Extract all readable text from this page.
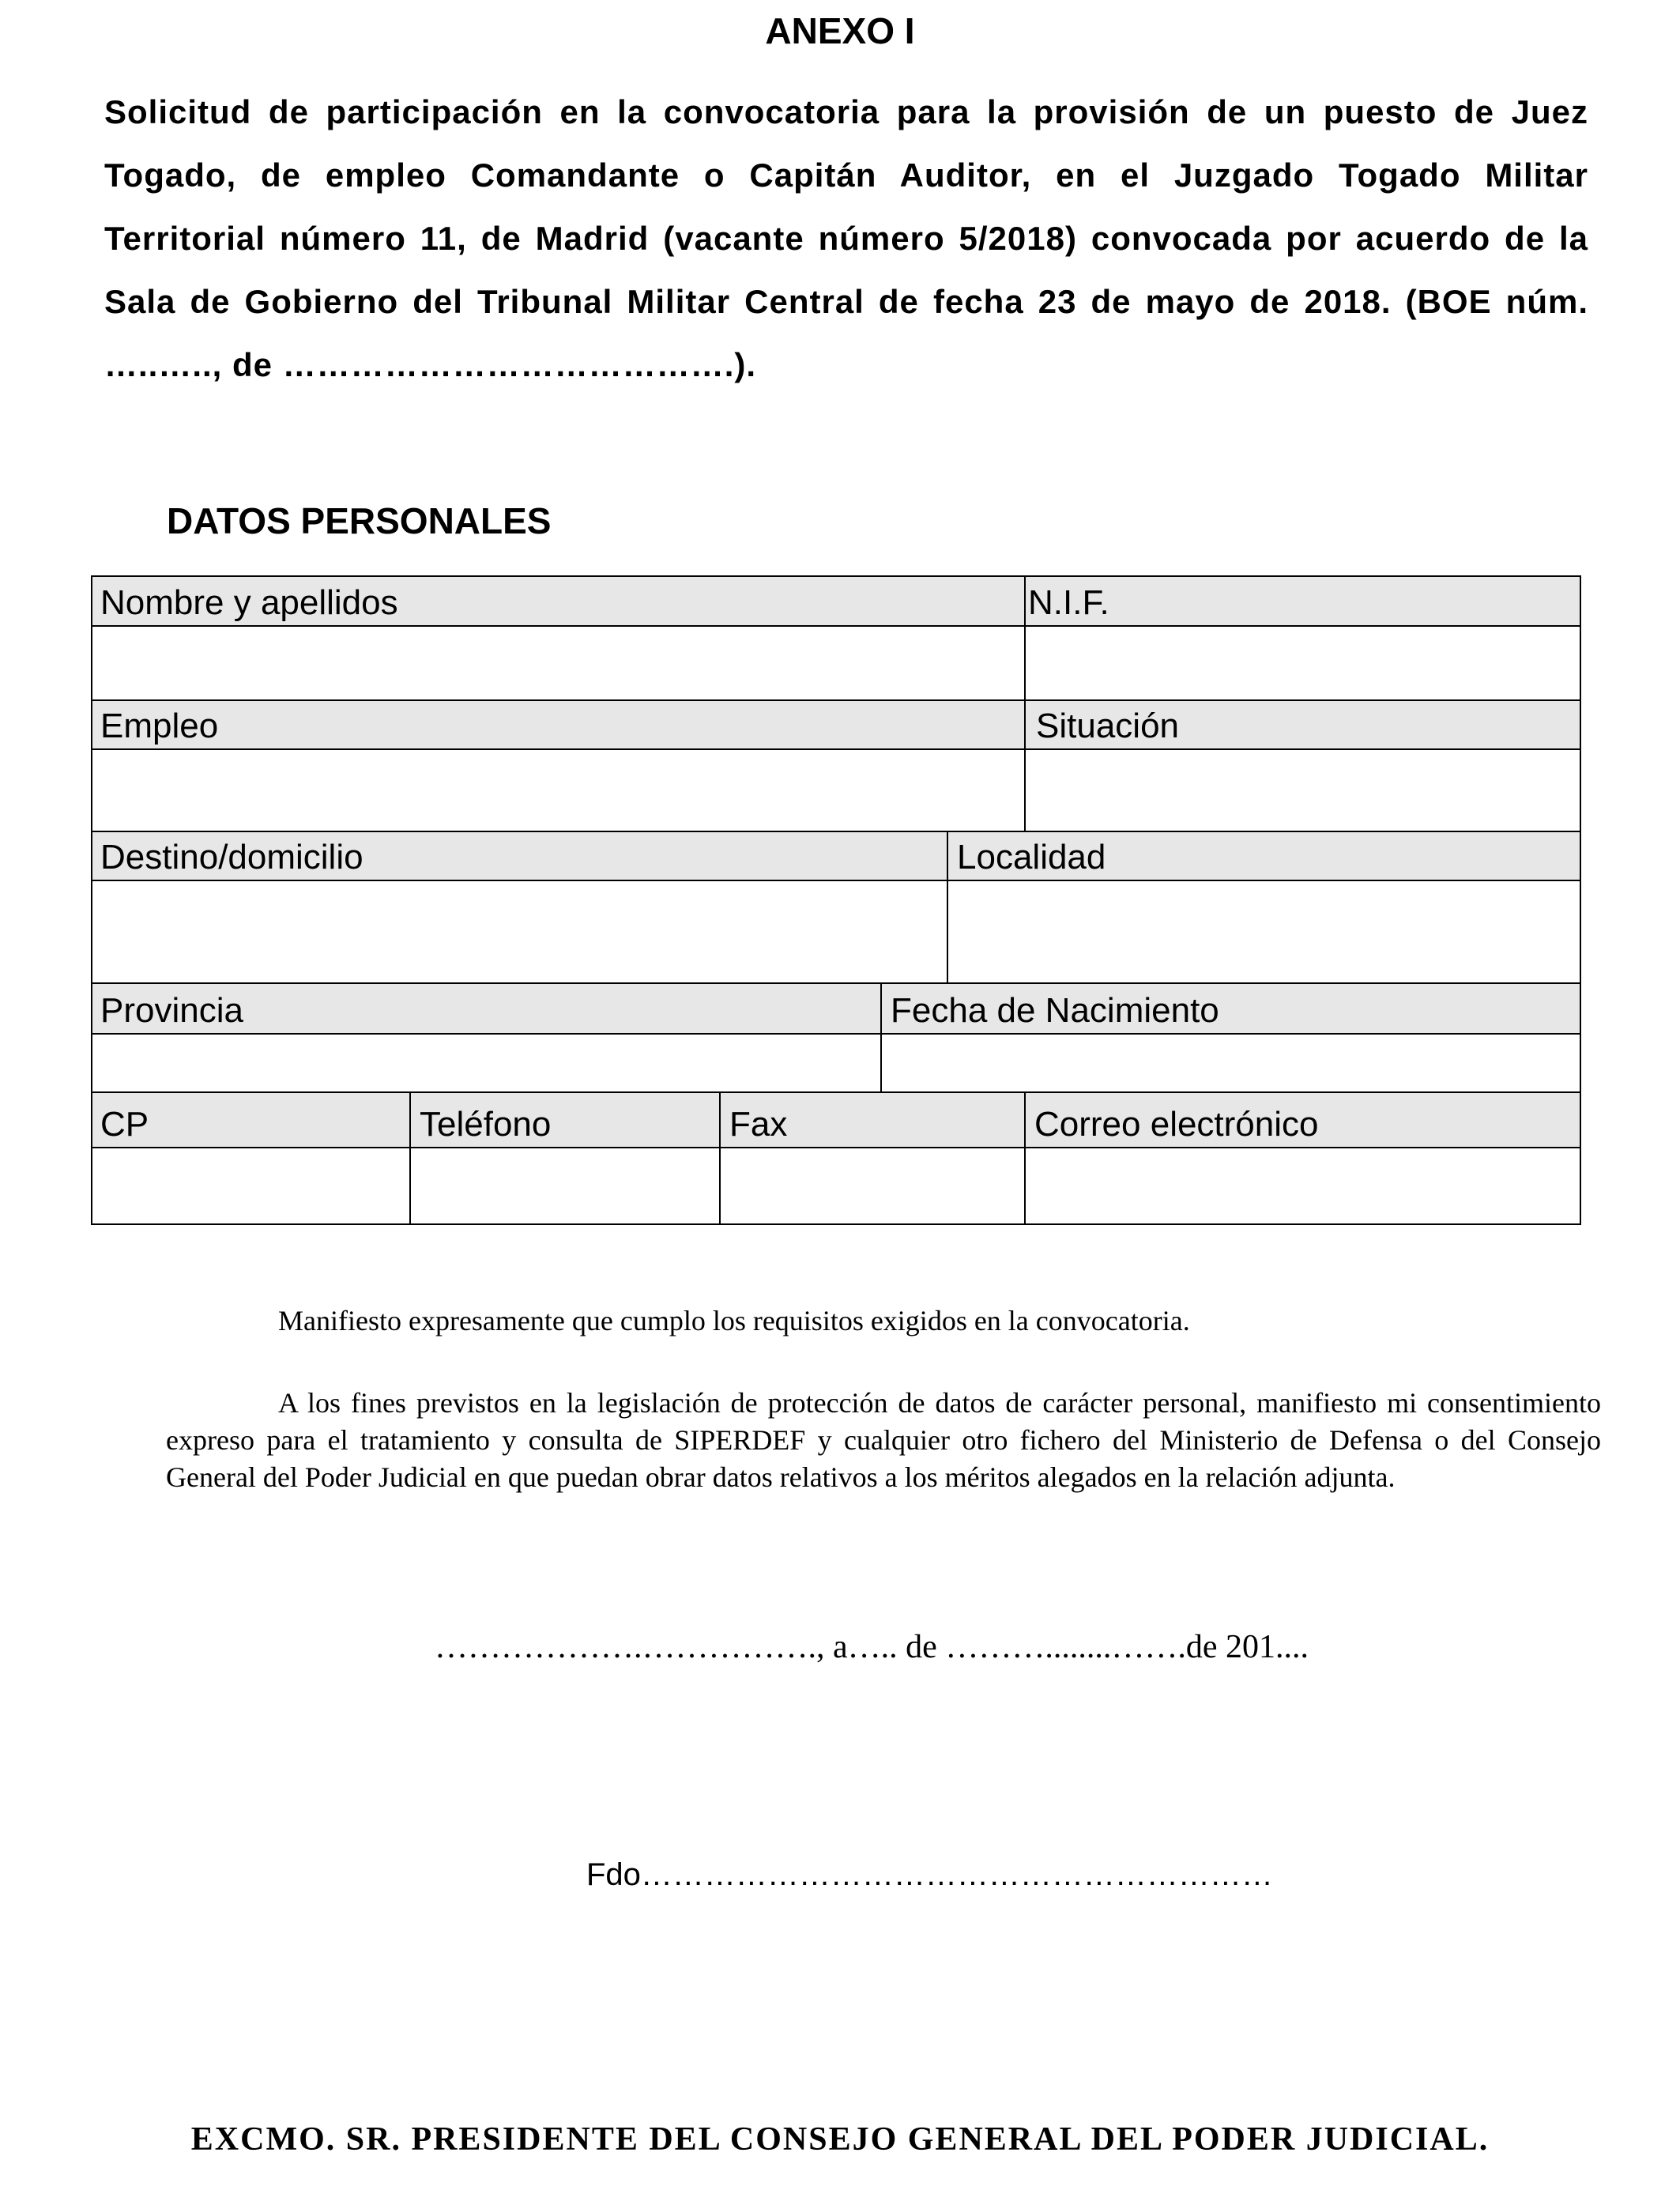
ANEXO I
Solicitud de participación en la convocatoria para la provisión de un puesto de Juez Togado, de empleo Comandante o Capitán Auditor, en el Juzgado Togado Militar Territorial número 11, de Madrid (vacante número 5/2018) convocada por acuerdo de la Sala de Gobierno del Tribunal Militar Central de fecha 23 de mayo de 2018. (BOE núm. …..….., de ………………………………….).
DATOS PERSONALES
Nombre y apellidos	N.I.F.
Empleo	Situación
Destino/domicilio	Localidad
Provincia	Fecha de Nacimiento
CP	Teléfono	Fax	Correo electrónico
Manifiesto expresamente que cumplo los requisitos exigidos en la convocatoria.
A los fines previstos en la legislación de protección de datos de carácter personal, manifiesto mi consentimiento expreso para el tratamiento y consulta de SIPERDEF y cualquier otro fichero del Ministerio de Defensa o del Consejo General del Poder Judicial en que puedan obrar datos relativos a los méritos alegados en la relación adjunta.
……………….……………., a….. de ………........…….de 201....
Fdo……………………………………………………
EXCMO. SR. PRESIDENTE DEL CONSEJO GENERAL DEL PODER JUDICIAL.
